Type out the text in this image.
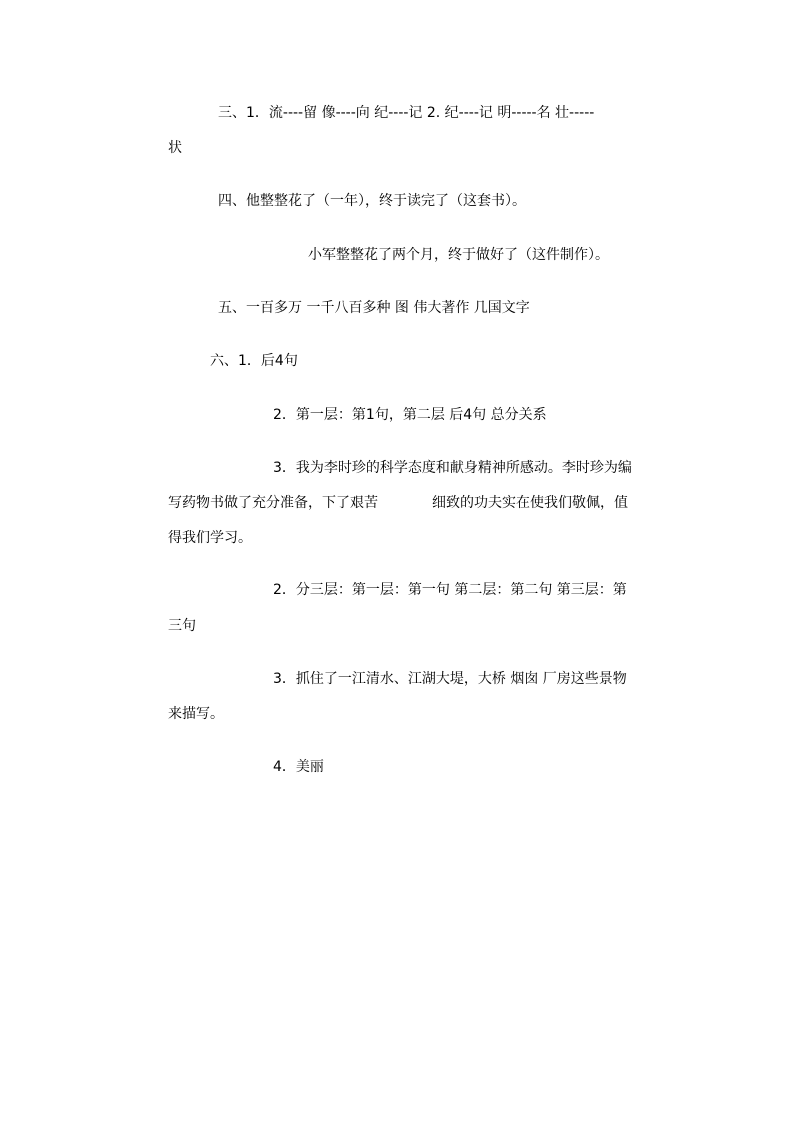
三、1．流----留 像----向 纪----记 2. 纪----记 明-----名 壮-----
状
四、他整整花了（一年），终于读完了（这套书）。
小军整整花了两个月，终于做好了（这件制作）。
五、一百多万 一千八百多种 图 伟大著作 几国文字
六、1．后4句
2．第一层：第1句，第二层 后4句 总分关系
3．我为李时珍的科学态度和献身精神所感动。李时珍为编
写药物书做了充分准备，下了艰苦	细致的功夫实在使我们敬佩，值
得我们学习。
2．分三层：第一层：第一句 第二层：第二句 第三层：第
三句
3．抓住了一江清水、江湖大堤，大桥 烟囱 厂房这些景物
来描写。
4．美丽
